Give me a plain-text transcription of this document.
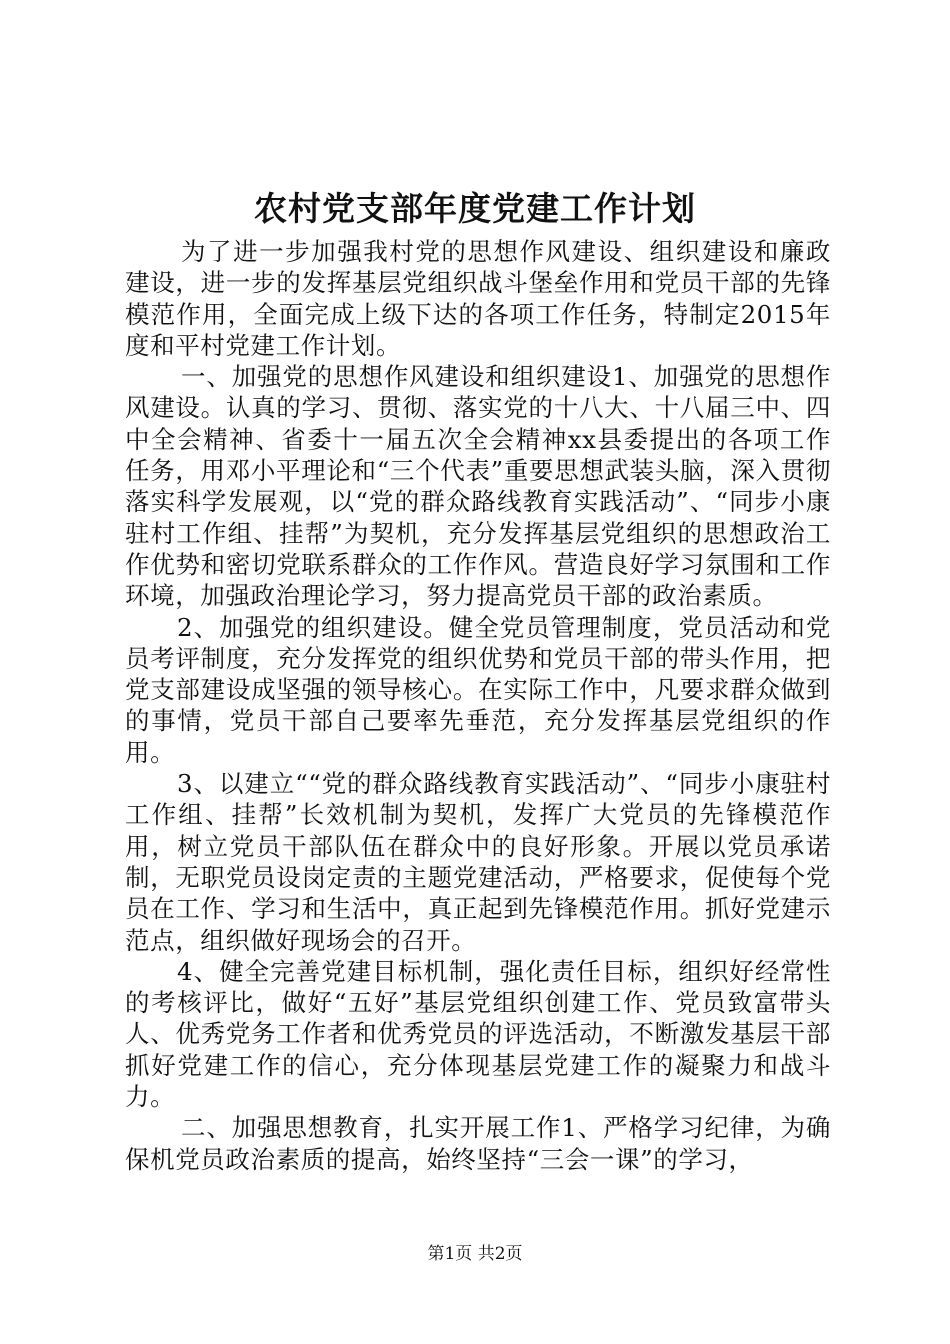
农村党支部年度党建工作计划

为了进一步加强我村党的思想作风建设、组织建设和廉政建设，进一步的发挥基层党组织战斗堡垒作用和党员干部的先锋模范作用，全面完成上级下达的各项工作任务，特制定2015年度和平村党建工作计划。

一、加强党的思想作风建设和组织建设1、加强党的思想作风建设。认真的学习、贯彻、落实党的十八大、十八届三中、四中全会精神、省委十一届五次全会精神xx县委提出的各项工作任务，用邓小平理论和“三个代表”重要思想武装头脑，深入贯彻落实科学发展观，以“党的群众路线教育实践活动”、“同步小康驻村工作组、挂帮”为契机，充分发挥基层党组织的思想政治工作优势和密切党联系群众的工作作风。营造良好学习氛围和工作环境，加强政治理论学习，努力提高党员干部的政治素质。

2、加强党的组织建设。健全党员管理制度，党员活动和党员考评制度，充分发挥党的组织优势和党员干部的带头作用，把党支部建设成坚强的领导核心。在实际工作中，凡要求群众做到的事情，党员干部自己要率先垂范，充分发挥基层党组织的作用。

3、以建立““党的群众路线教育实践活动”、“同步小康驻村工作组、挂帮”长效机制为契机，发挥广大党员的先锋模范作用，树立党员干部队伍在群众中的良好形象。开展以党员承诺制，无职党员设岗定责的主题党建活动，严格要求，促使每个党员在工作、学习和生活中，真正起到先锋模范作用。抓好党建示范点，组织做好现场会的召开。

4、健全完善党建目标机制，强化责任目标，组织好经常性的考核评比，做好“五好”基层党组织创建工作、党员致富带头人、优秀党务工作者和优秀党员的评选活动，不断激发基层干部抓好党建工作的信心，充分体现基层党建工作的凝聚力和战斗力。

二、加强思想教育，扎实开展工作1、严格学习纪律，为确保机党员政治素质的提高，始终坚持“三会一课”的学习，

第1页 共2页
